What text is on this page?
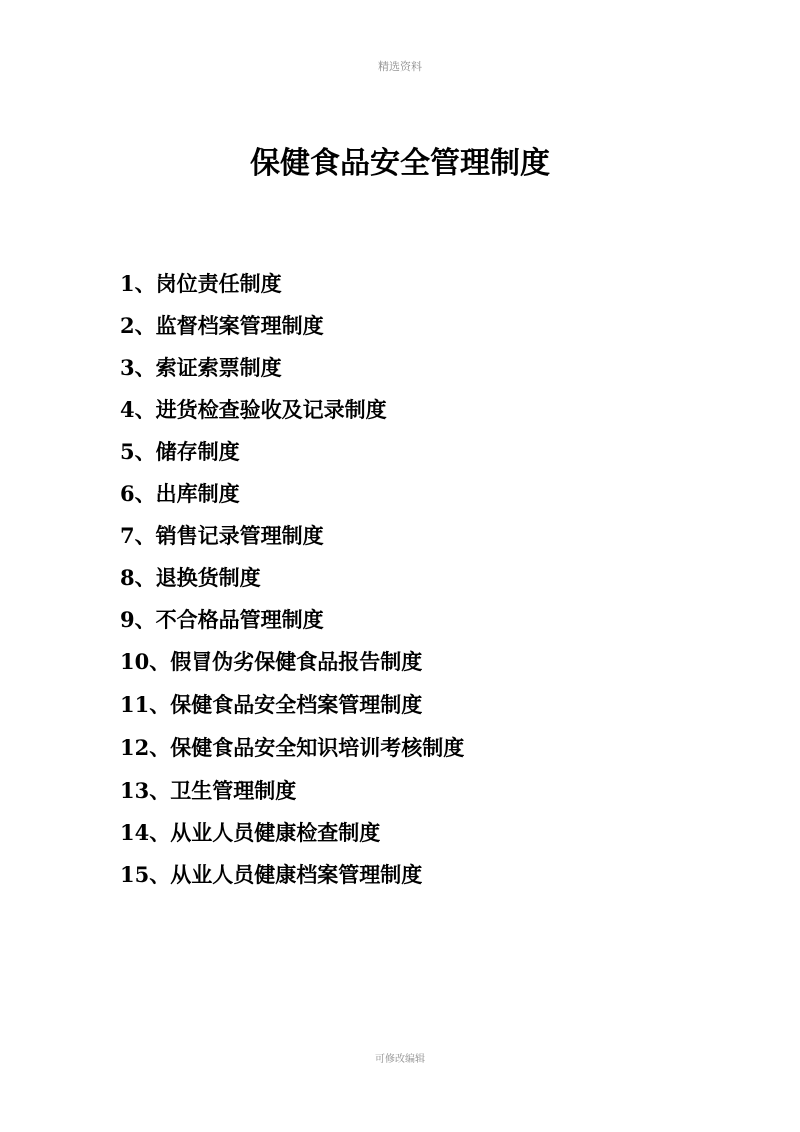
精选资料
保健食品安全管理制度
1、岗位责任制度
2、监督档案管理制度
3、索证索票制度
4、进货检查验收及记录制度
5、储存制度
6、出库制度
7、销售记录管理制度
8、退换货制度
9、不合格品管理制度
10、假冒伪劣保健食品报告制度
11、保健食品安全档案管理制度
12、保健食品安全知识培训考核制度
13、卫生管理制度
14、从业人员健康检查制度
15、从业人员健康档案管理制度
可修改编辑
